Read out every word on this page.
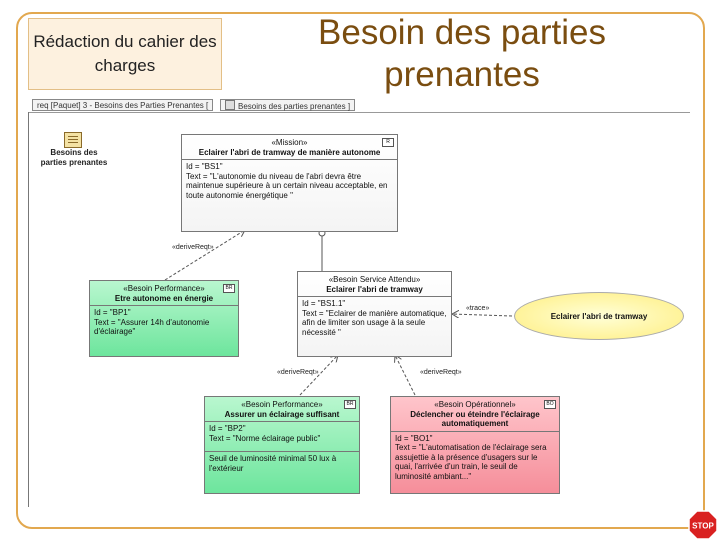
Rédaction du cahier des charges
Besoin des parties prenantes
req [Paquet] 3 - Besoins des Parties Prenantes [	Besoins des parties prenantes ]
Besoins des parties prenantes
R
«Mission»
Eclairer l'abri de tramway de manière autonome
Id = "BS1"
Text = "L'autonomie du niveau de l'abri devra être maintenue supérieure à un certain niveau acceptable, en toute autonomie énergétique "
«deriveReqt»
«Besoin Service Attendu»
Eclairer l'abri de tramway
Id = "BS1.1"
Text = "Eclairer de manière automatique, afin de limiter son usage à la seule nécessité "
BR
«Besoin Performance»
Etre autonome en énergie
Id = "BP1"
Text = "Assurer 14h d'autonomie d'éclairage"
«trace»
Eclairer l'abri de tramway
«deriveReqt»	«deriveReqt»
BR
«Besoin Performance»
Assurer un éclairage suffisant
Id = "BP2"
Text = "Norme éclairage public"
Seuil de luminosité minimal 50 lux à l'extérieur
BO
«Besoin Opérationnel»
Déclencher ou éteindre l'éclairage automatiquement
Id = "BO1"
Text = "L'automatisation de l'éclairage sera assujettie à la présence d'usagers sur le quai, l'arrivée d'un train, le seuil de luminosité ambiant..."
STOP
